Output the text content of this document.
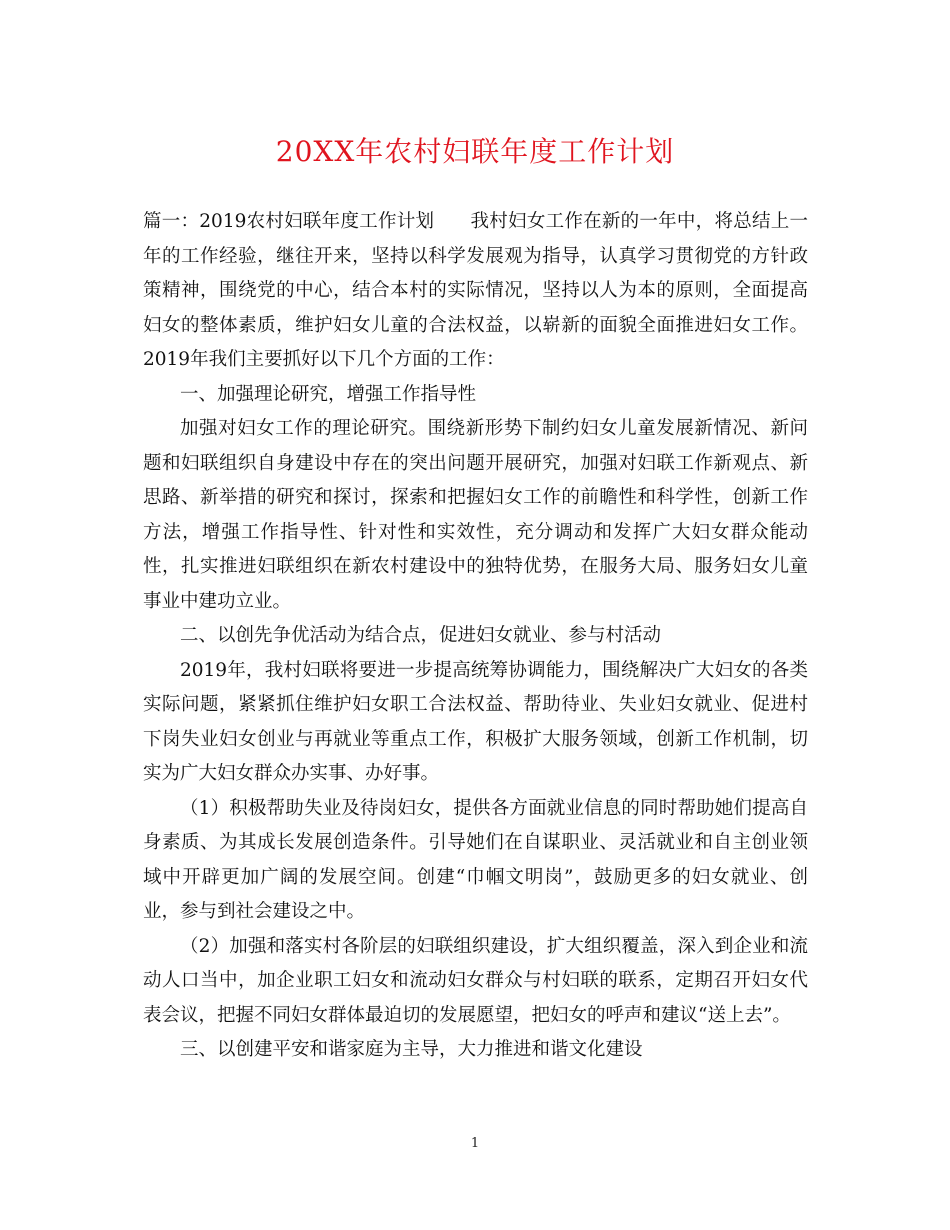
20XX年农村妇联年度工作计划

篇一：2019农村妇联年度工作计划 我村妇女工作在新的一年中，将总结上一年的工作经验，继往开来，坚持以科学发展观为指导，认真学习贯彻党的方针政策精神，围绕党的中心，结合本村的实际情况，坚持以人为本的原则，全面提高妇女的整体素质，维护妇女儿童的合法权益，以崭新的面貌全面推进妇女工作。2019年我们主要抓好以下几个方面的工作：

一、加强理论研究，增强工作指导性

加强对妇女工作的理论研究。围绕新形势下制约妇女儿童发展新情况、新问题和妇联组织自身建设中存在的突出问题开展研究，加强对妇联工作新观点、新思路、新举措的研究和探讨，探索和把握妇女工作的前瞻性和科学性，创新工作方法，增强工作指导性、针对性和实效性，充分调动和发挥广大妇女群众能动性，扎实推进妇联组织在新农村建设中的独特优势，在服务大局、服务妇女儿童事业中建功立业。

二、以创先争优活动为结合点，促进妇女就业、参与村活动

2019年，我村妇联将要进一步提高统筹协调能力，围绕解决广大妇女的各类实际问题，紧紧抓住维护妇女职工合法权益、帮助待业、失业妇女就业、促进村下岗失业妇女创业与再就业等重点工作，积极扩大服务领域，创新工作机制，切实为广大妇女群众办实事、办好事。

（1）积极帮助失业及待岗妇女，提供各方面就业信息的同时帮助她们提高自身素质、为其成长发展创造条件。引导她们在自谋职业、灵活就业和自主创业领域中开辟更加广阔的发展空间。创建“巾帼文明岗”，鼓励更多的妇女就业、创业，参与到社会建设之中。

（2）加强和落实村各阶层的妇联组织建设，扩大组织覆盖，深入到企业和流动人口当中，加企业职工妇女和流动妇女群众与村妇联的联系，定期召开妇女代表会议，把握不同妇女群体最迫切的发展愿望，把妇女的呼声和建议“送上去”。

三、以创建平安和谐家庭为主导，大力推进和谐文化建设

1
